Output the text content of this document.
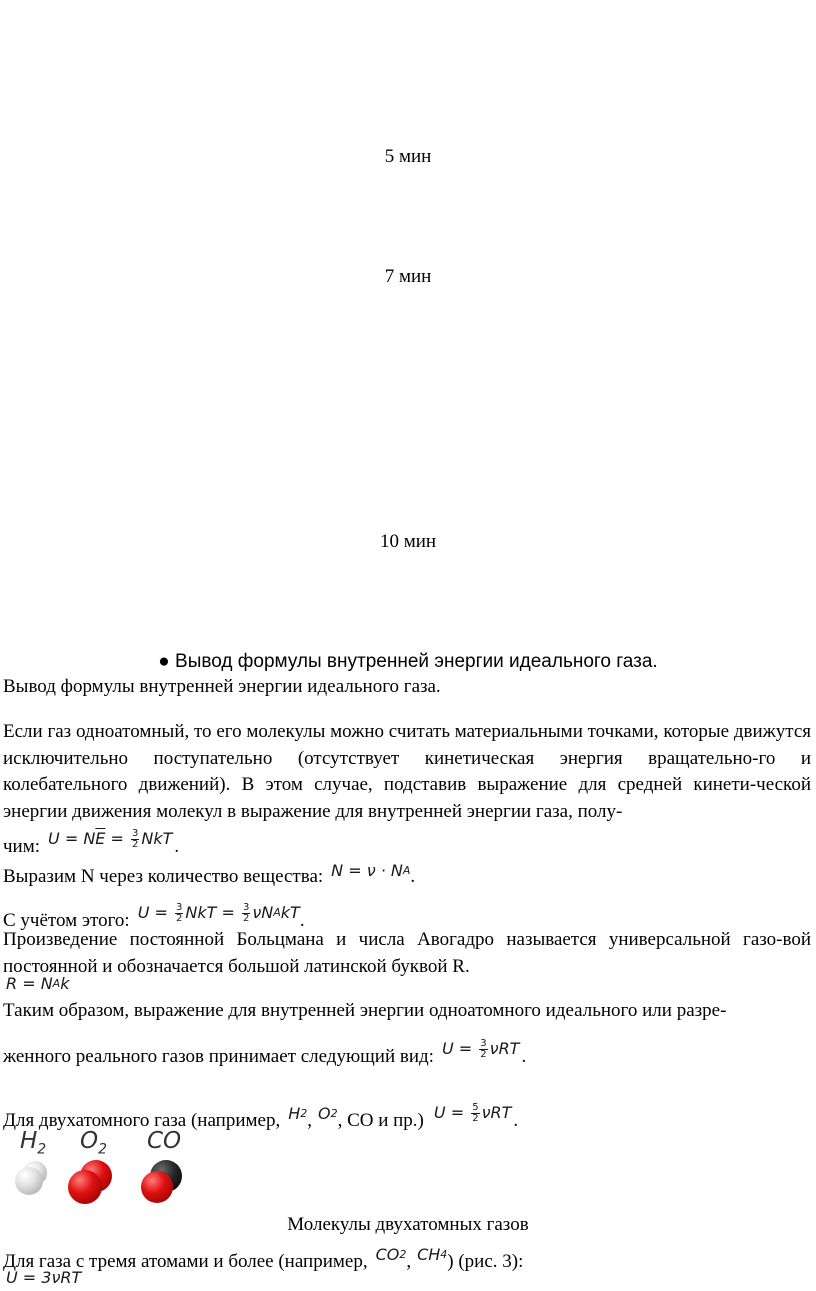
5 мин
7 мин
10 мин
● Вывод формулы внутренней энергии идеального газа.
Вывод формулы внутренней энергии идеального газа.
Если газ одноатомный, то его молекулы можно считать материальными точками, которые движутся исключительно поступательно (отсутствует кинетическая энергия вращательно-го и колебательного движений). В этом случае, подставив выражение для средней кинети-ческой энергии движения молекул в выражение для внутренней энергии газа, полу-
чим: U = N $\overline{E} = \frac{3}{2}$ NkT .
Выразим N через количество вещества: N = ν · N A .
С учётом этого: $U = \frac{3}{2}$ NkT = $\frac{3}{2}$ νN A kT .
Произведение постоянной Больцмана и числа Авогадро называется универсальной газо-вой постоянной и обозначается большой латинской буквой R.
R = N A k
Таким образом, выражение для внутренней энергии одноатомного идеального или разре-
женного реального газов принимает следующий вид: $U = \frac{3}{2}$ νRT .
Для двухатомного газа (например, H 2 , O 2 , CO и пр.) $U = \frac{5}{2}$ νRT .
$H_2$ $O_2$ CO
Молекулы двухатомных газов
Для газа с тремя атомами и более (например, CO 2 , CH 4 ) (рис. 3):
U = 3νRT
